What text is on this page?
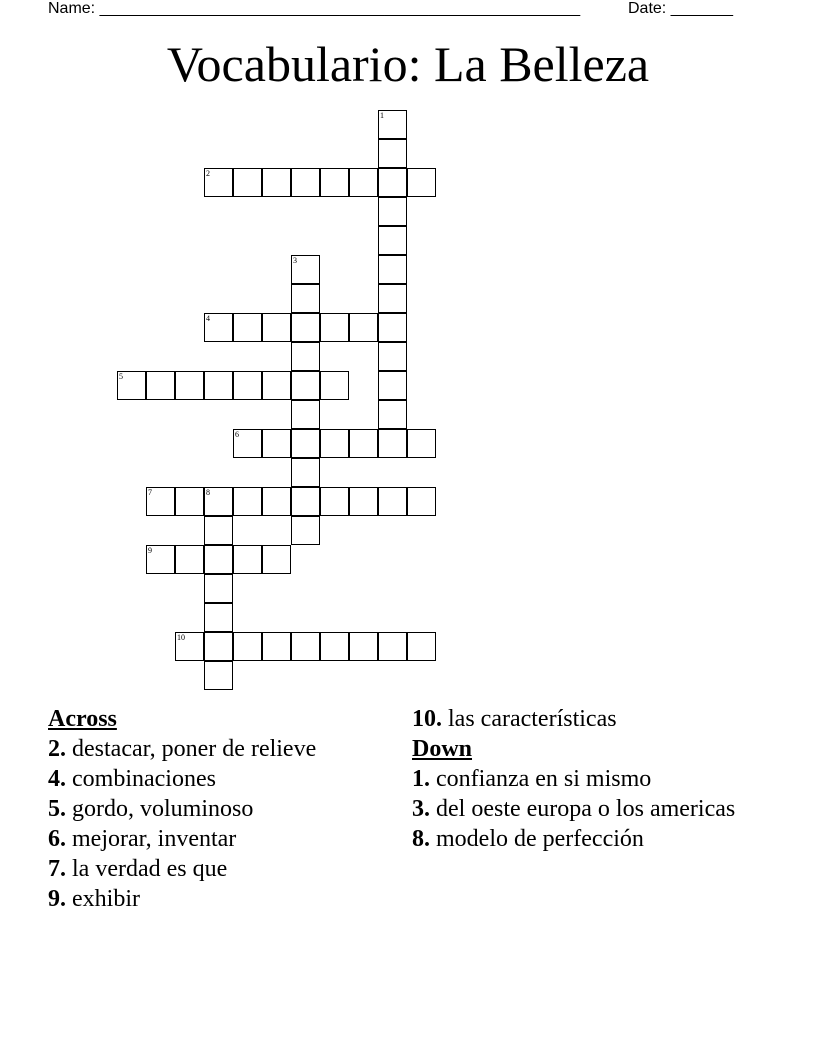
Name: ______________________________________________________	Date: _______
Vocabulario: La Belleza
1
2
3
4
5
6
7	8
9
10
Across
2. destacar, poner de relieve
4. combinaciones
5. gordo, voluminoso
6. mejorar, inventar
7. la verdad es que
9. exhibir
10. las características
Down
1. confianza en si mismo
3. del oeste europa o los americas
8. modelo de perfección
